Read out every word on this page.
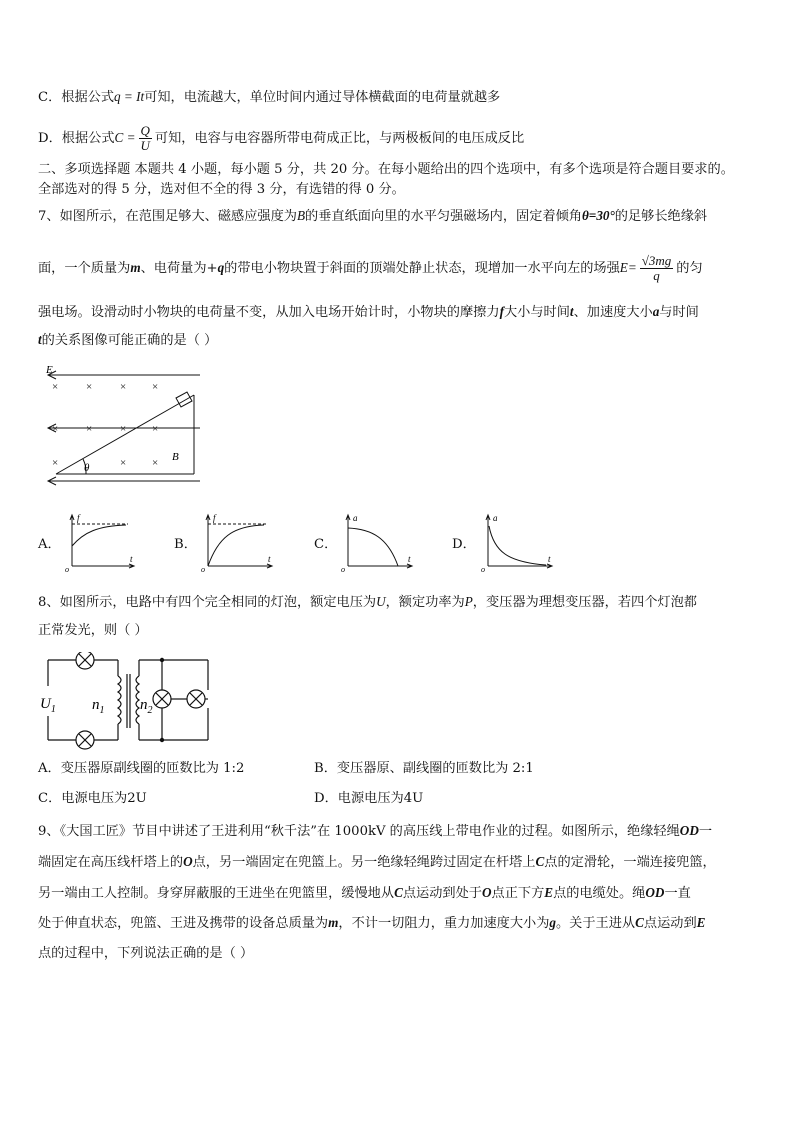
C．根据公式q = It可知，电流越大，单位时间内通过导体横截面的电荷量就越多
D．根据公式$C = \frac{Q}{U}$ 可知，电容与电容器所带电荷成正比，与两极板间的电压成反比
二、多项选择题 本题共 4 小题，每小题 5 分，共 20 分。在每小题给出的四个选项中，有多个选项是符合题目要求的。
全部选对的得 5 分，选对但不全的得 3 分，有选错的得 0 分。
7、如图所示，在范围足够大、磁感应强度为B的垂直纸面向里的水平匀强磁场内，固定着倾角θ=30°的足够长绝缘斜
面，一个质量为m、电荷量为+q的带电小物块置于斜面的顶端处静止状态，现增加一水平向左的场强$E= \frac{√3mg}{q}$ 的匀
强电场。设滑动时小物块的电荷量不变，从加入电场开始计时，小物块的摩擦力f大小与时间t、加速度大小a与时间
t的关系图像可能正确的是（ ）
×	×	× ×
×	×	× ×
×	× ×
E
B
θ
A．
f
t
o
B．
f
t
o
C．
a
t
o
D．
a
t
o
8、如图所示，电路中有四个完全相同的灯泡，额定电压为U，额定功率为P，变压器为理想变压器，若四个灯泡都
正常发光，则（ ）
$U_1$ $n_1$ $n_2$
A．变压器原副线圈的匝数比为 1:2	B．变压器原、副线圈的匝数比为 2:1
C．电源电压为2U	D．电源电压为4U
9、《大国工匠》节目中讲述了王进利用“秋千法”在 1000kV 的高压线上带电作业的过程。如图所示，绝缘轻绳OD一
端固定在高压线杆塔上的O点，另一端固定在兜篮上。另一绝缘轻绳跨过固定在杆塔上C点的定滑轮，一端连接兜篮，
另一端由工人控制。身穿屏蔽服的王进坐在兜篮里，缓慢地从C点运动到处于O点正下方E点的电缆处。绳OD一直
处于伸直状态，兜篮、王进及携带的设备总质量为m，不计一切阻力，重力加速度大小为g。关于王进从C点运动到E
点的过程中，下列说法正确的是（ ）
